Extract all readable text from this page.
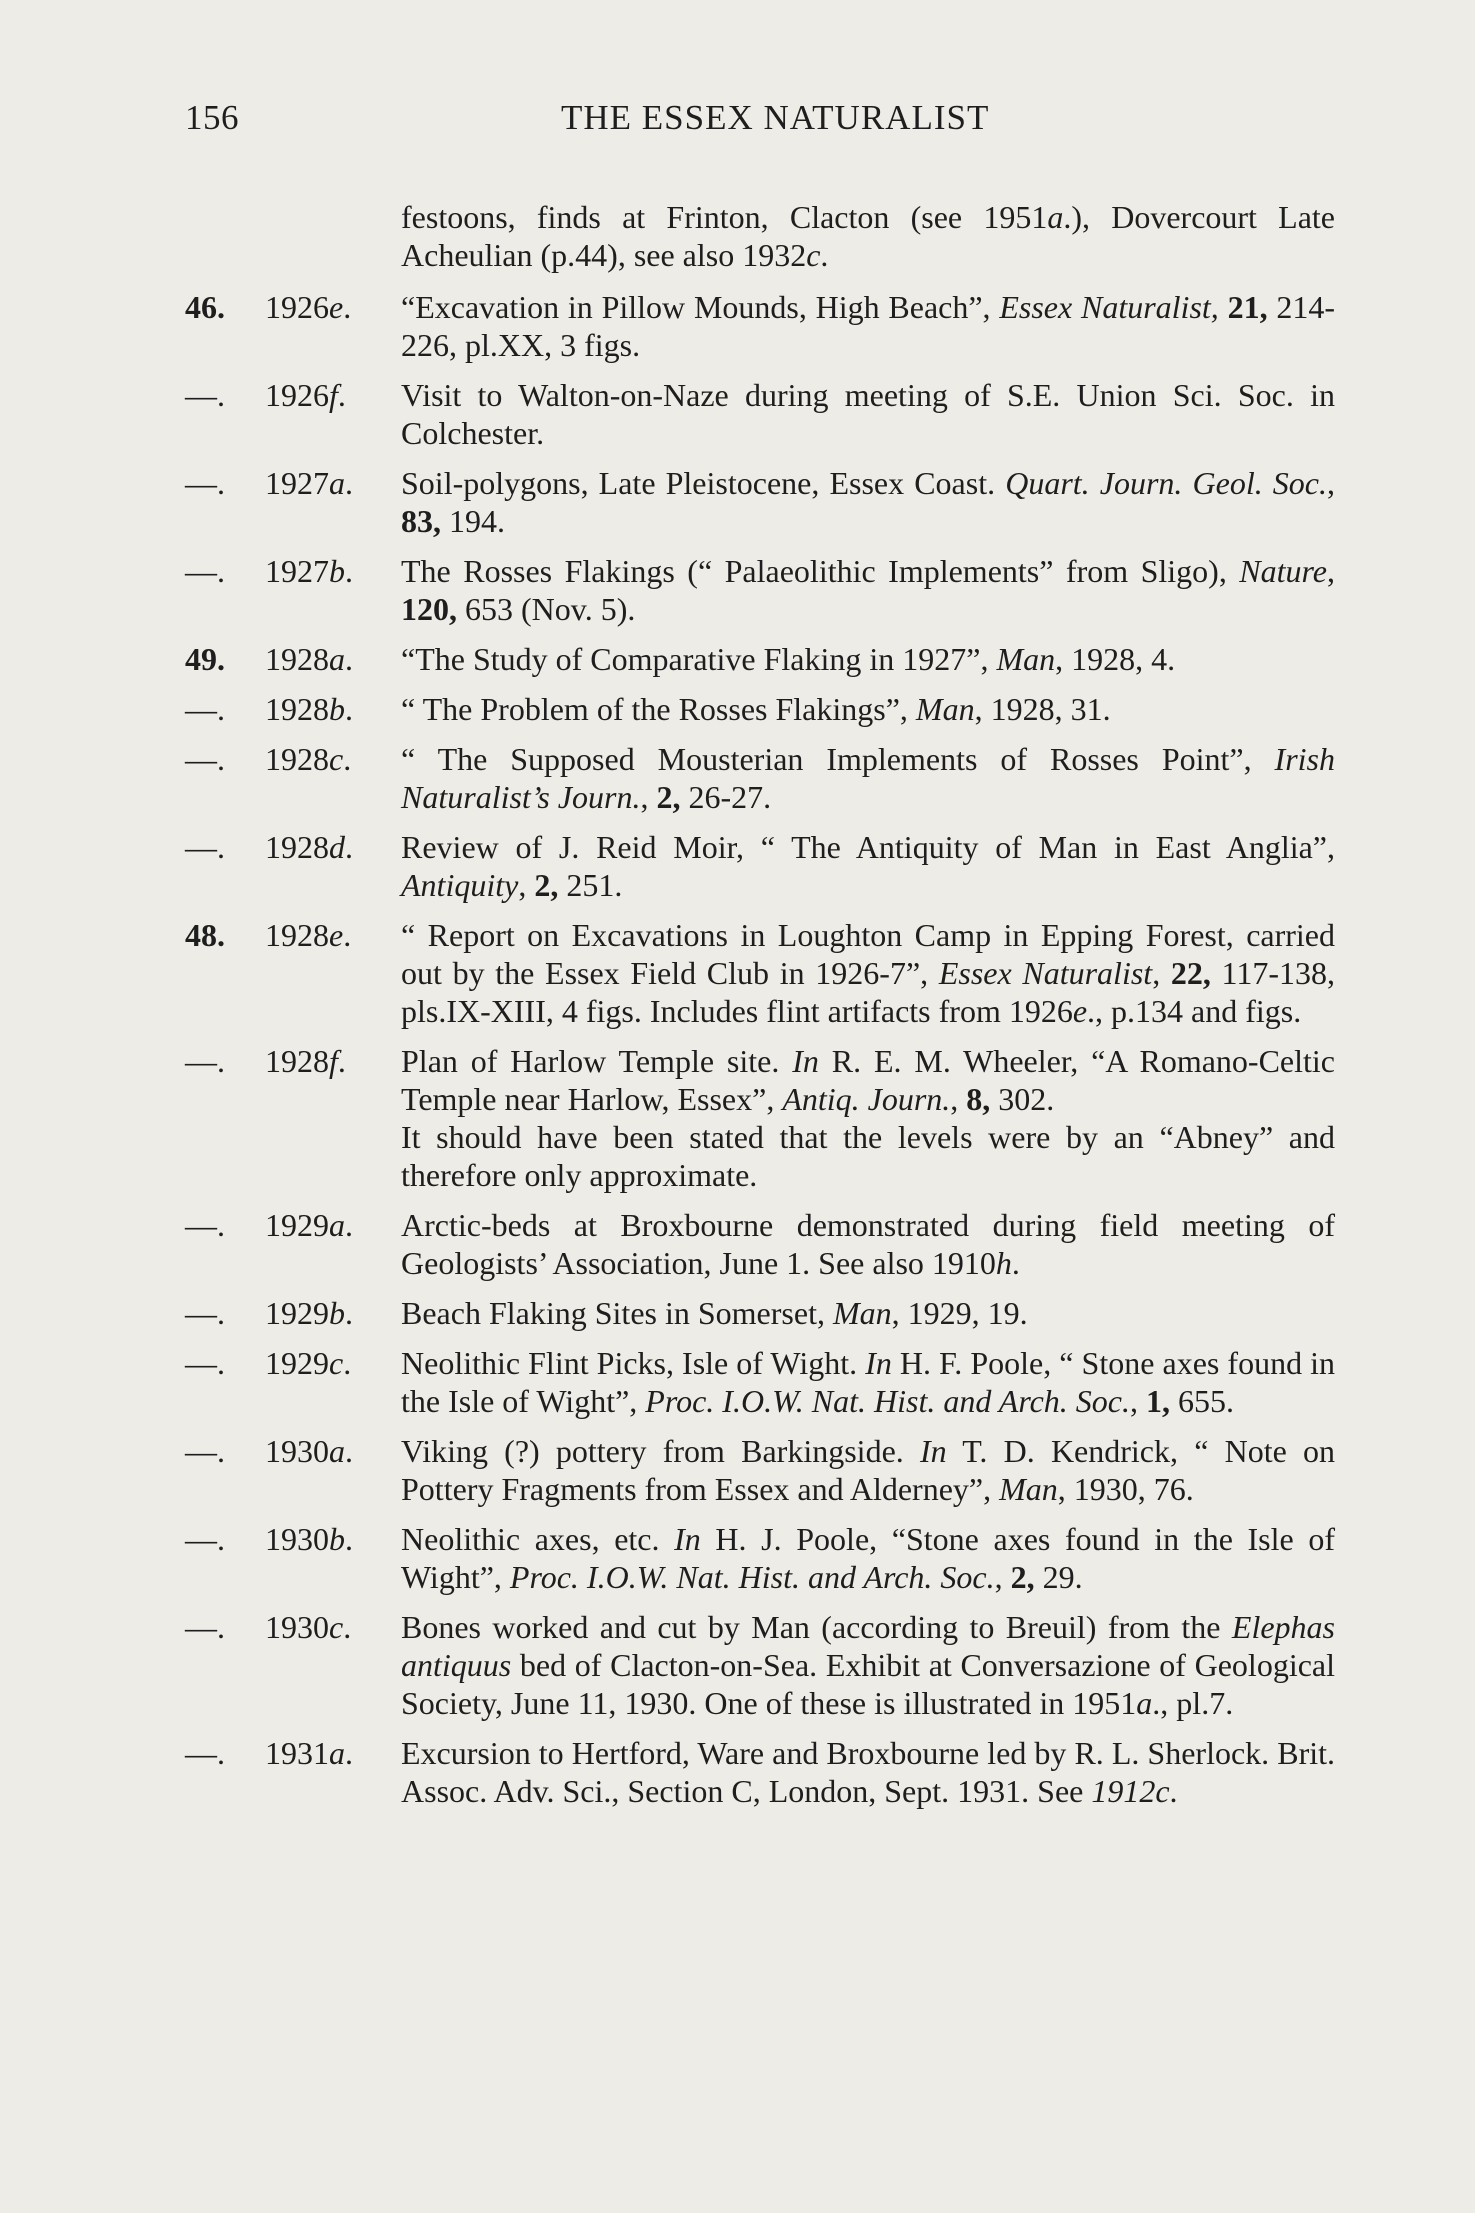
156	THE ESSEX NATURALIST

festoons, finds at Frinton, Clacton (see 1951a.), Dovercourt Late Acheulian (p.44), see also 1932c.

46. 1926e. “Excavation in Pillow Mounds, High Beach”, Essex Naturalist, 21, 214-226, pl.XX, 3 figs.

—. 1926f. Visit to Walton-on-Naze during meeting of S.E. Union Sci. Soc. in Colchester.

—. 1927a. Soil-polygons, Late Pleistocene, Essex Coast. Quart. Journ. Geol. Soc., 83, 194.

—. 1927b. The Rosses Flakings (“ Palaeolithic Implements” from Sligo), Nature, 120, 653 (Nov. 5).

49. 1928a. “The Study of Comparative Flaking in 1927”, Man, 1928, 4.

—. 1928b. “ The Problem of the Rosses Flakings”, Man, 1928, 31.

—. 1928c. “ The Supposed Mousterian Implements of Rosses Point”, Irish Naturalist’s Journ., 2, 26-27.

—. 1928d. Review of J. Reid Moir, “ The Antiquity of Man in East Anglia”, Antiquity, 2, 251.

48. 1928e. “ Report on Excavations in Loughton Camp in Epping Forest, carried out by the Essex Field Club in 1926-7”, Essex Naturalist, 22, 117-138, pls.IX-XIII, 4 figs. Includes flint artifacts from 1926e., p.134 and figs.

—. 1928f. Plan of Harlow Temple site. In R. E. M. Wheeler, “A Romano-Celtic Temple near Harlow, Essex”, Antiq. Journ., 8, 302.

It should have been stated that the levels were by an “Abney” and therefore only approximate.

—. 1929a. Arctic-beds at Broxbourne demonstrated during field meeting of Geologists’ Association, June 1. See also 1910h.

—. 1929b. Beach Flaking Sites in Somerset, Man, 1929, 19.

—. 1929c. Neolithic Flint Picks, Isle of Wight. In H. F. Poole, “ Stone axes found in the Isle of Wight”, Proc. I.O.W. Nat. Hist. and Arch. Soc., 1, 655.

—. 1930a. Viking (?) pottery from Barkingside. In T. D. Kendrick, “ Note on Pottery Fragments from Essex and Alderney”, Man, 1930, 76.

—. 1930b. Neolithic axes, etc. In H. J. Poole, “Stone axes found in the Isle of Wight”, Proc. I.O.W. Nat. Hist. and Arch. Soc., 2, 29.

—. 1930c. Bones worked and cut by Man (according to Breuil) from the Elephas antiquus bed of Clacton-on-Sea. Exhibit at Conversazione of Geological Society, June 11, 1930. One of these is illustrated in 1951a., pl.7.

—. 1931a. Excursion to Hertford, Ware and Broxbourne led by R. L. Sherlock. Brit. Assoc. Adv. Sci., Section C, London, Sept. 1931. See 1912c.
